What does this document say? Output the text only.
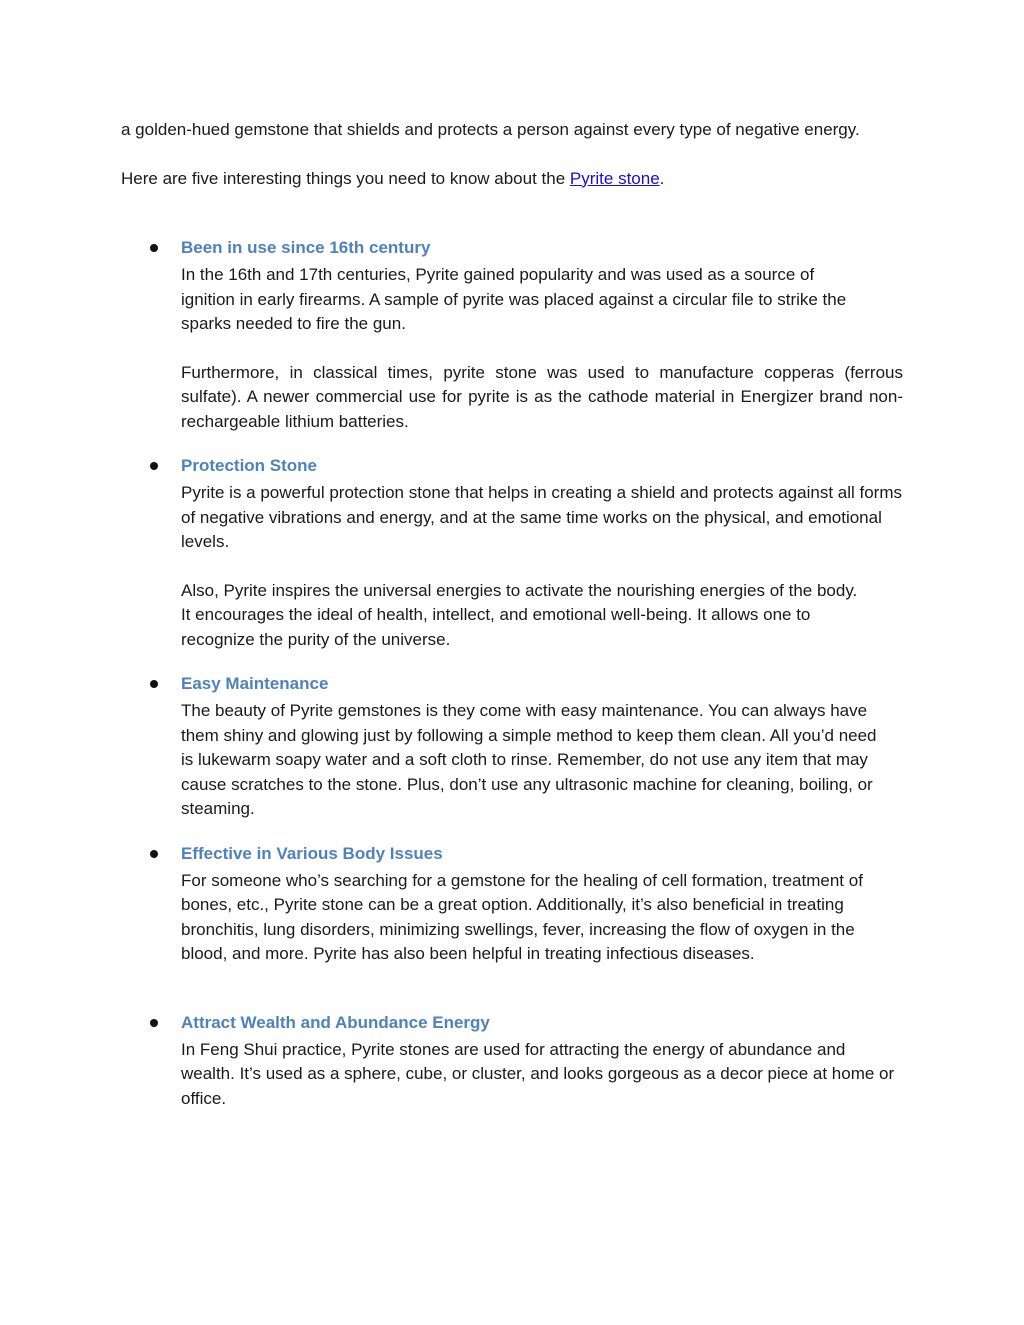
a golden-hued gemstone that shields and protects a person against every type of negative energy.

Here are five interesting things you need to know about the Pyrite stone.

Been in use since 16th century

In the 16th and 17th centuries, Pyrite gained popularity and was used as a source of ignition in early firearms. A sample of pyrite was placed against a circular file to strike the sparks needed to fire the gun.

Furthermore, in classical times, pyrite stone was used to manufacture copperas (ferrous sulfate). A newer commercial use for pyrite is as the cathode material in Energizer brand non-rechargeable lithium batteries.

Protection Stone

Pyrite is a powerful protection stone that helps in creating a shield and protects against all forms of negative vibrations and energy, and at the same time works on the physical, and emotional levels.

Also, Pyrite inspires the universal energies to activate the nourishing energies of the body. It encourages the ideal of health, intellect, and emotional well-being. It allows one to recognize the purity of the universe.

Easy Maintenance

The beauty of Pyrite gemstones is they come with easy maintenance. You can always have them shiny and glowing just by following a simple method to keep them clean. All you’d need is lukewarm soapy water and a soft cloth to rinse. Remember, do not use any item that may cause scratches to the stone. Plus, don’t use any ultrasonic machine for cleaning, boiling, or steaming.

Effective in Various Body Issues

For someone who’s searching for a gemstone for the healing of cell formation, treatment of bones, etc., Pyrite stone can be a great option. Additionally, it’s also beneficial in treating bronchitis, lung disorders, minimizing swellings, fever, increasing the flow of oxygen in the blood, and more. Pyrite has also been helpful in treating infectious diseases.

Attract Wealth and Abundance Energy

In Feng Shui practice, Pyrite stones are used for attracting the energy of abundance and wealth. It’s used as a sphere, cube, or cluster, and looks gorgeous as a decor piece at home or office.
